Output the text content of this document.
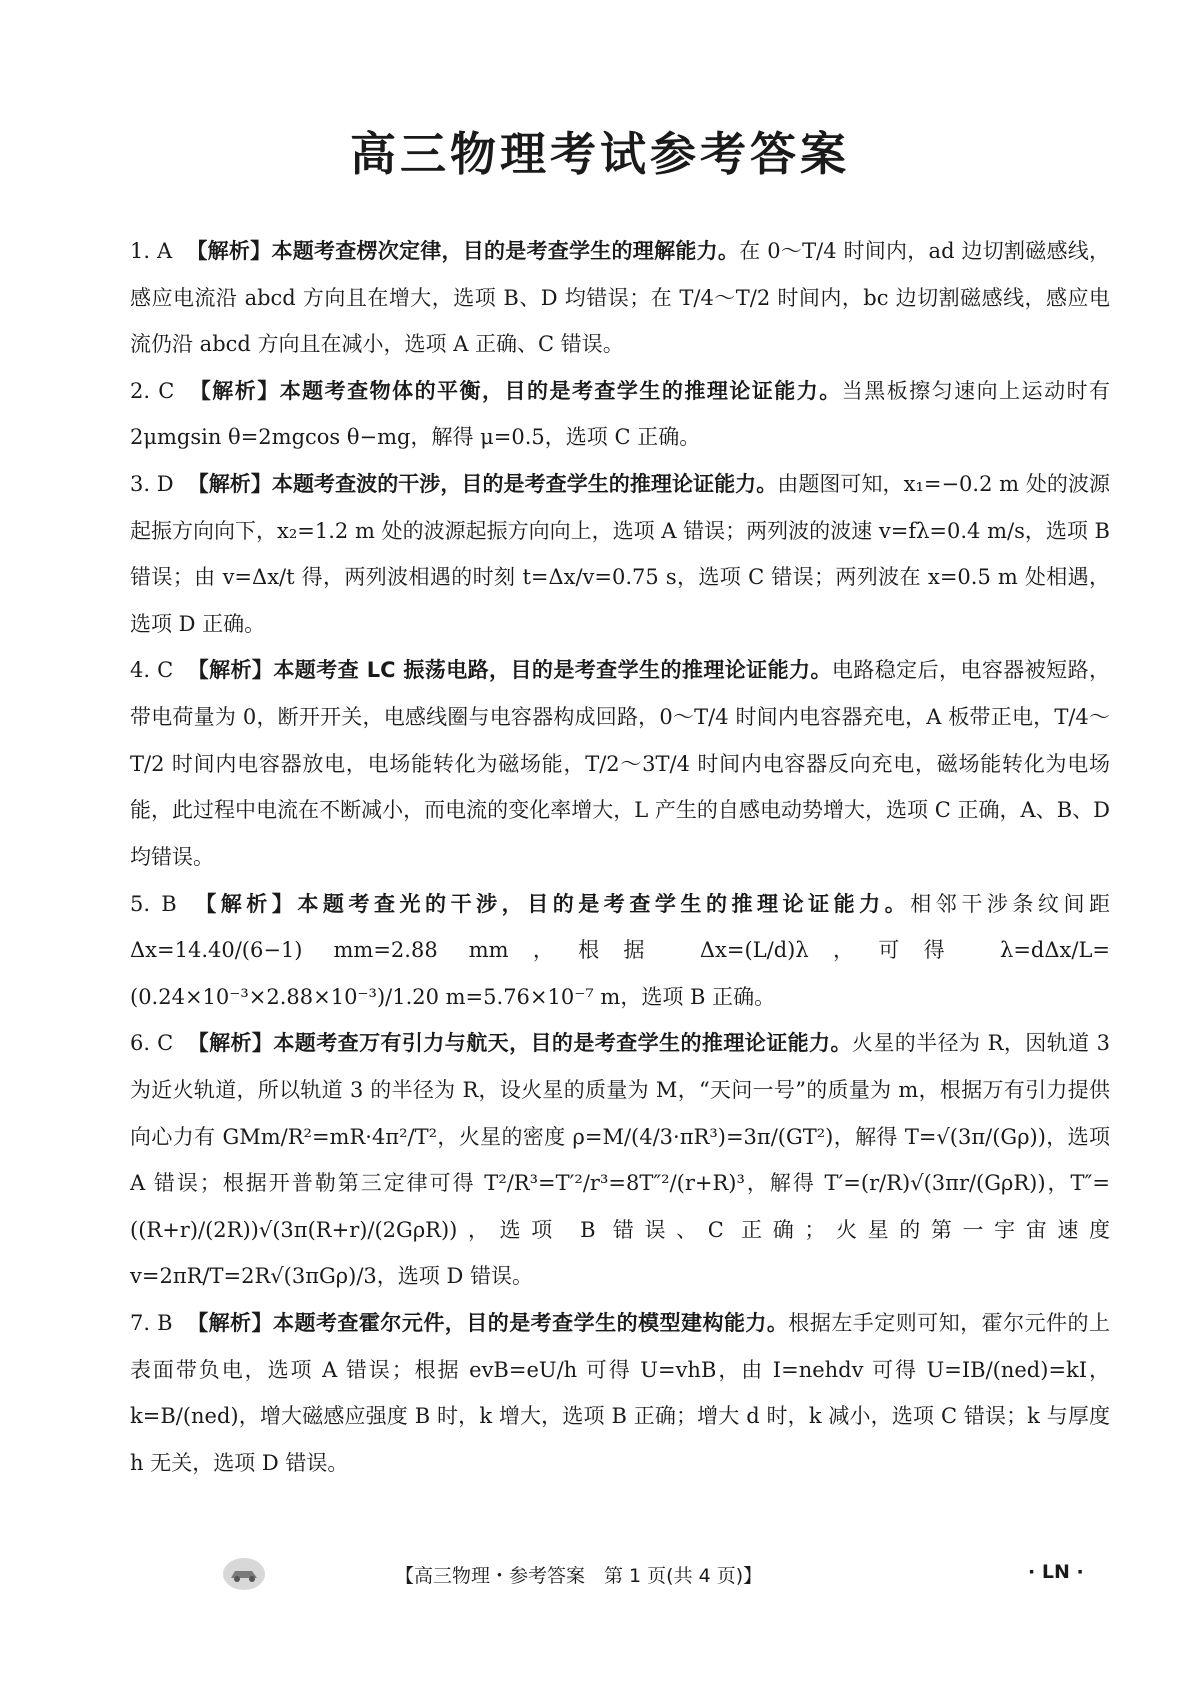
高三物理考试参考答案
1. A 【解析】本题考查楞次定律，目的是考查学生的理解能力。在 0～T/4 时间内，ad 边切割磁感线，感应电流沿 abcd 方向且在增大，选项 B、D 均错误；在 T/4～T/2 时间内，bc 边切割磁感线，感应电流仍沿 abcd 方向且在减小，选项 A 正确、C 错误。
2. C 【解析】本题考查物体的平衡，目的是考查学生的推理论证能力。当黑板擦匀速向上运动时有 2μmgsin θ=2mgcos θ−mg，解得 μ=0.5，选项 C 正确。
3. D 【解析】本题考查波的干涉，目的是考查学生的推理论证能力。由题图可知，x₁=−0.2 m 处的波源起振方向向下，x₂=1.2 m 处的波源起振方向向上，选项 A 错误；两列波的波速 v=fλ=0.4 m/s，选项 B 错误；由 v=Δx/t 得，两列波相遇的时刻 t=Δx/v=0.75 s，选项 C 错误；两列波在 x=0.5 m 处相遇，选项 D 正确。
4. C 【解析】本题考查 LC 振荡电路，目的是考查学生的推理论证能力。电路稳定后，电容器被短路，带电荷量为 0，断开开关，电感线圈与电容器构成回路，0～T/4 时间内电容器充电，A 板带正电，T/4～T/2 时间内电容器放电，电场能转化为磁场能，T/2～3T/4 时间内电容器反向充电，磁场能转化为电场能，此过程中电流在不断减小，而电流的变化率增大，L 产生的自感电动势增大，选项 C 正确，A、B、D 均错误。
5. B 【解析】本题考查光的干涉，目的是考查学生的推理论证能力。相邻干涉条纹间距 Δx=14.40/(6−1) mm=2.88 mm，根据 Δx=(L/d)λ，可得 λ=dΔx/L=(0.24×10⁻³×2.88×10⁻³)/1.20 m=5.76×10⁻⁷ m，选项 B 正确。
6. C 【解析】本题考查万有引力与航天，目的是考查学生的推理论证能力。火星的半径为 R，因轨道 3 为近火轨道，所以轨道 3 的半径为 R，设火星的质量为 M，“天问一号”的质量为 m，根据万有引力提供向心力有 GMm/R²=mR·4π²/T²，火星的密度 ρ=M/(4/3·πR³)=3π/(GT²)，解得 T=√(3π/(Gρ))，选项 A 错误；根据开普勒第三定律可得 T²/R³=T′²/r³=8T″²/(r+R)³，解得 T′=(r/R)√(3πr/(GρR))，T″=((R+r)/(2R))√(3π(R+r)/(2GρR))，选项 B 错误、C 正确；火星的第一宇宙速度 v=2πR/T=2R√(3πGρ)/3，选项 D 错误。
7. B 【解析】本题考查霍尔元件，目的是考查学生的模型建构能力。根据左手定则可知，霍尔元件的上表面带负电，选项 A 错误；根据 evB=eU/h 可得 U=vhB，由 I=nehdv 可得 U=IB/(ned)=kI，k=B/(ned)，增大磁感应强度 B 时，k 增大，选项 B 正确；增大 d 时，k 减小，选项 C 错误；k 与厚度 h 无关，选项 D 错误。
【高三物理・参考答案　第 1 页(共 4 页)】	· LN ·
